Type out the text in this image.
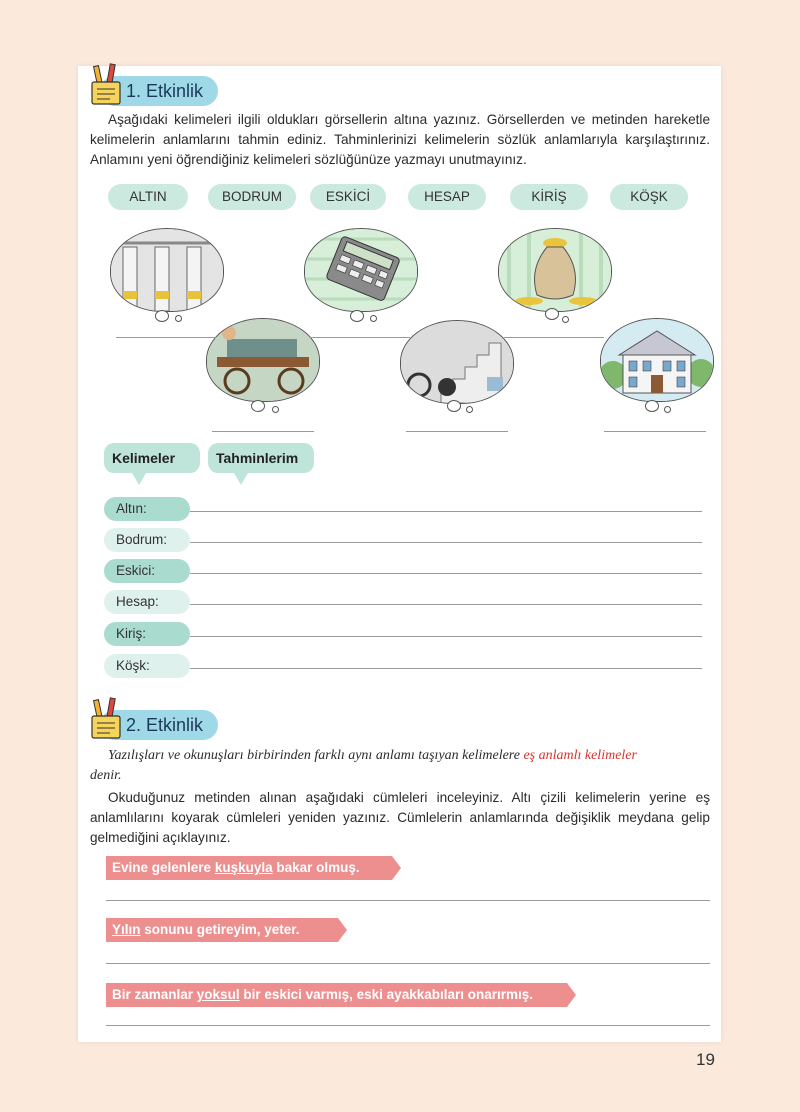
1. Etkinlik
Aşağıdaki kelimeleri ilgili oldukları görsellerin altına yazınız. Görsellerden ve metinden hareketle kelimelerin anlamlarını tahmin ediniz. Tahminlerinizi kelimelerin sözlük anlamlarıyla karşılaştırınız. Anlamını yeni öğrendiğiniz kelimeleri sözlüğünüze yazmayı unutmayınız.
ALTIN	BODRUM	ESKİCİ	HESAP	KİRİŞ	KÖŞK
Kelimeler	Tahminlerim
Altın:
Bodrum:
Eskici:
Hesap:
Kiriş:
Köşk:
2. Etkinlik
Yazılışları ve okunuşları birbirinden farklı aynı anlamı taşıyan kelimelere eş anlamlı kelimeler
denir.
Okuduğunuz metinden alınan aşağıdaki cümleleri inceleyiniz. Altı çizili kelimelerin yerine eş anlamlılarını koyarak cümleleri yeniden yazınız. Cümlelerin anlamlarında değişiklik meydana gelip gelmediğini açıklayınız.
Evine gelenlere kuşkuyla bakar olmuş.
Yılın sonunu getireyim, yeter.
Bir zamanlar yoksul bir eskici varmış, eski ayakkabıları onarırmış.
19
